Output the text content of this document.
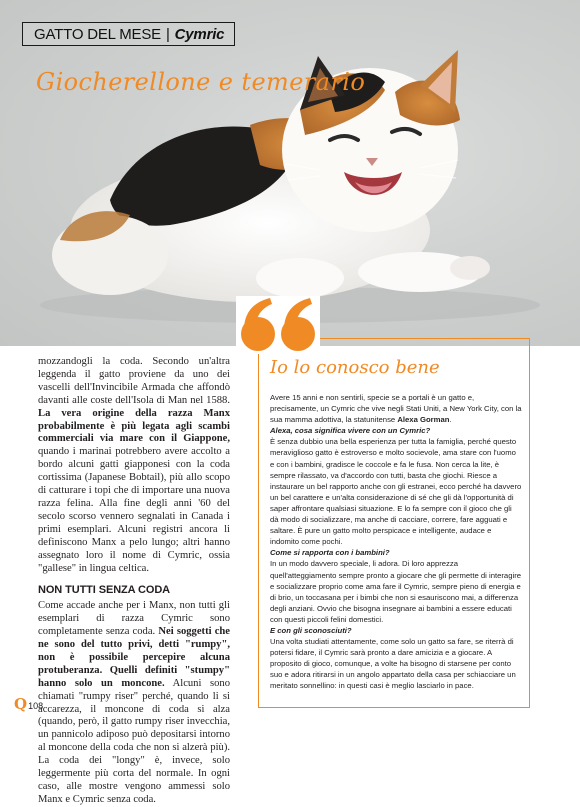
GATTO DEL MESE | Cymric
Giocherellone e temerario

mozzandogli la coda. Secondo un'altra leggenda il gatto proviene da uno dei vascelli dell'Invincibile Armada che affondò davanti alle coste dell'Isola di Man nel 1588. La vera origine della razza Manx probabilmente è più legata agli scambi commerciali via mare con il Giappone, quando i marinai potrebbero avere accolto a bordo alcuni gatti giapponesi con la coda cortissima (Japanese Bobtail), più allo scopo di catturare i topi che di importare una nuova razza felina. Alla fine degli anni '60 del secolo scorso vennero segnalati in Canada i primi esemplari. Alcuni registri ancora li definiscono Manx a pelo lungo; altri hanno assegnato loro il nome di Cymric, ossia "gallese" in lingua celtica.

NON TUTTI SENZA CODA

Come accade anche per i Manx, non tutti gli esemplari di razza Cymric sono completamente senza coda. Nei soggetti che ne sono del tutto privi, detti "rumpy", non è possibile percepire alcuna protuberanza. Quelli definiti "stumpy" hanno solo un moncone. Alcuni sono chiamati "rumpy riser" perché, quando li si accarezza, il moncone di coda si alza (quando, però, il gatto rumpy riser invecchia, un pannicolo adiposo può depositarsi intorno al moncone della coda che non si alzerà più). La coda dei "longy" è, invece, solo leggermente più corta del normale. In ogni caso, alle mostre vengono ammessi solo Manx e Cymric senza coda.

Io lo conosco bene

Avere 15 anni e non sentirli, specie se a portali è un gatto e, precisamente, un Cymric che vive negli Stati Uniti, a New York City, con la sua mamma adottiva, la statunitense Alexa Gorman.

Alexa, cosa significa vivere con un Cymric?

È senza dubbio una bella esperienza per tutta la famiglia, perché questo meraviglioso gatto è estroverso e molto socievole, ama stare con l'uomo e con i bambini, gradisce le coccole e fa le fusa. Non cerca la lite, è sempre rilassato, va d'accordo con tutti, basta che giochi. Riesce a instaurare un bel rapporto anche con gli estranei, ecco perché ha davvero un bel carattere e un'alta considerazione di sé che gli dà l'opportunità di saper affrontare qualsiasi situazione. E lo fa sempre con il gioco che gli dà modo di socializzare, ma anche di cacciare, correre, fare agguati e saltare. È pure un gatto molto perspicace e intelligente, audace e indomito come pochi.

Come si rapporta con i bambini?

In un modo davvero speciale, li adora. Di loro apprezza quell'atteggiamento sempre pronto a giocare che gli permette di interagire e socializzare proprio come ama fare il Cymric, sempre pieno di energia e di brio, un toccasana per i bimbi che non si esauriscono mai, a differenza degli anziani. Ovvio che bisogna insegnare ai bambini a essere educati con questi piccoli felini domestici.

E con gli sconosciuti?

Una volta studiati attentamente, come solo un gatto sa fare, se riterrà di potersi fidare, il Cymric sarà pronto a dare amicizia e a giocare. A proposito di gioco, comunque, a volte ha bisogno di starsene per conto suo e adora ritirarsi in un angolo appartato della casa per schiacciare un meritato sonnellino: in questi casi è meglio lasciarlo in pace.

Q 108
